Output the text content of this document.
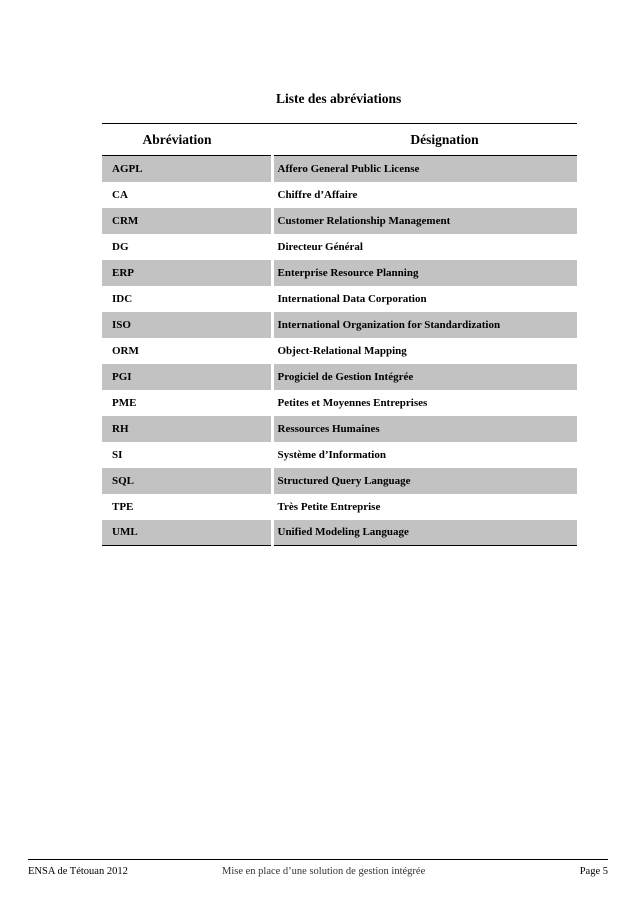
Liste des abréviations
Abréviation	Désignation
AGPL	Affero General Public License
CA	Chiffre d’Affaire
CRM	Customer Relationship Management
DG	Directeur Général
ERP	Enterprise Resource Planning
IDC	International Data Corporation
ISO	International Organization for Standardization
ORM	Object-Relational Mapping
PGI	Progiciel de Gestion Intégrée
PME	Petites et Moyennes Entreprises
RH	Ressources Humaines
SI	Système d’Information
SQL	Structured Query Language
TPE	Très Petite Entreprise
UML	Unified Modeling Language
ENSA de Tétouan 2012	Mise en place d’une solution de gestion intégrée	Page 5
